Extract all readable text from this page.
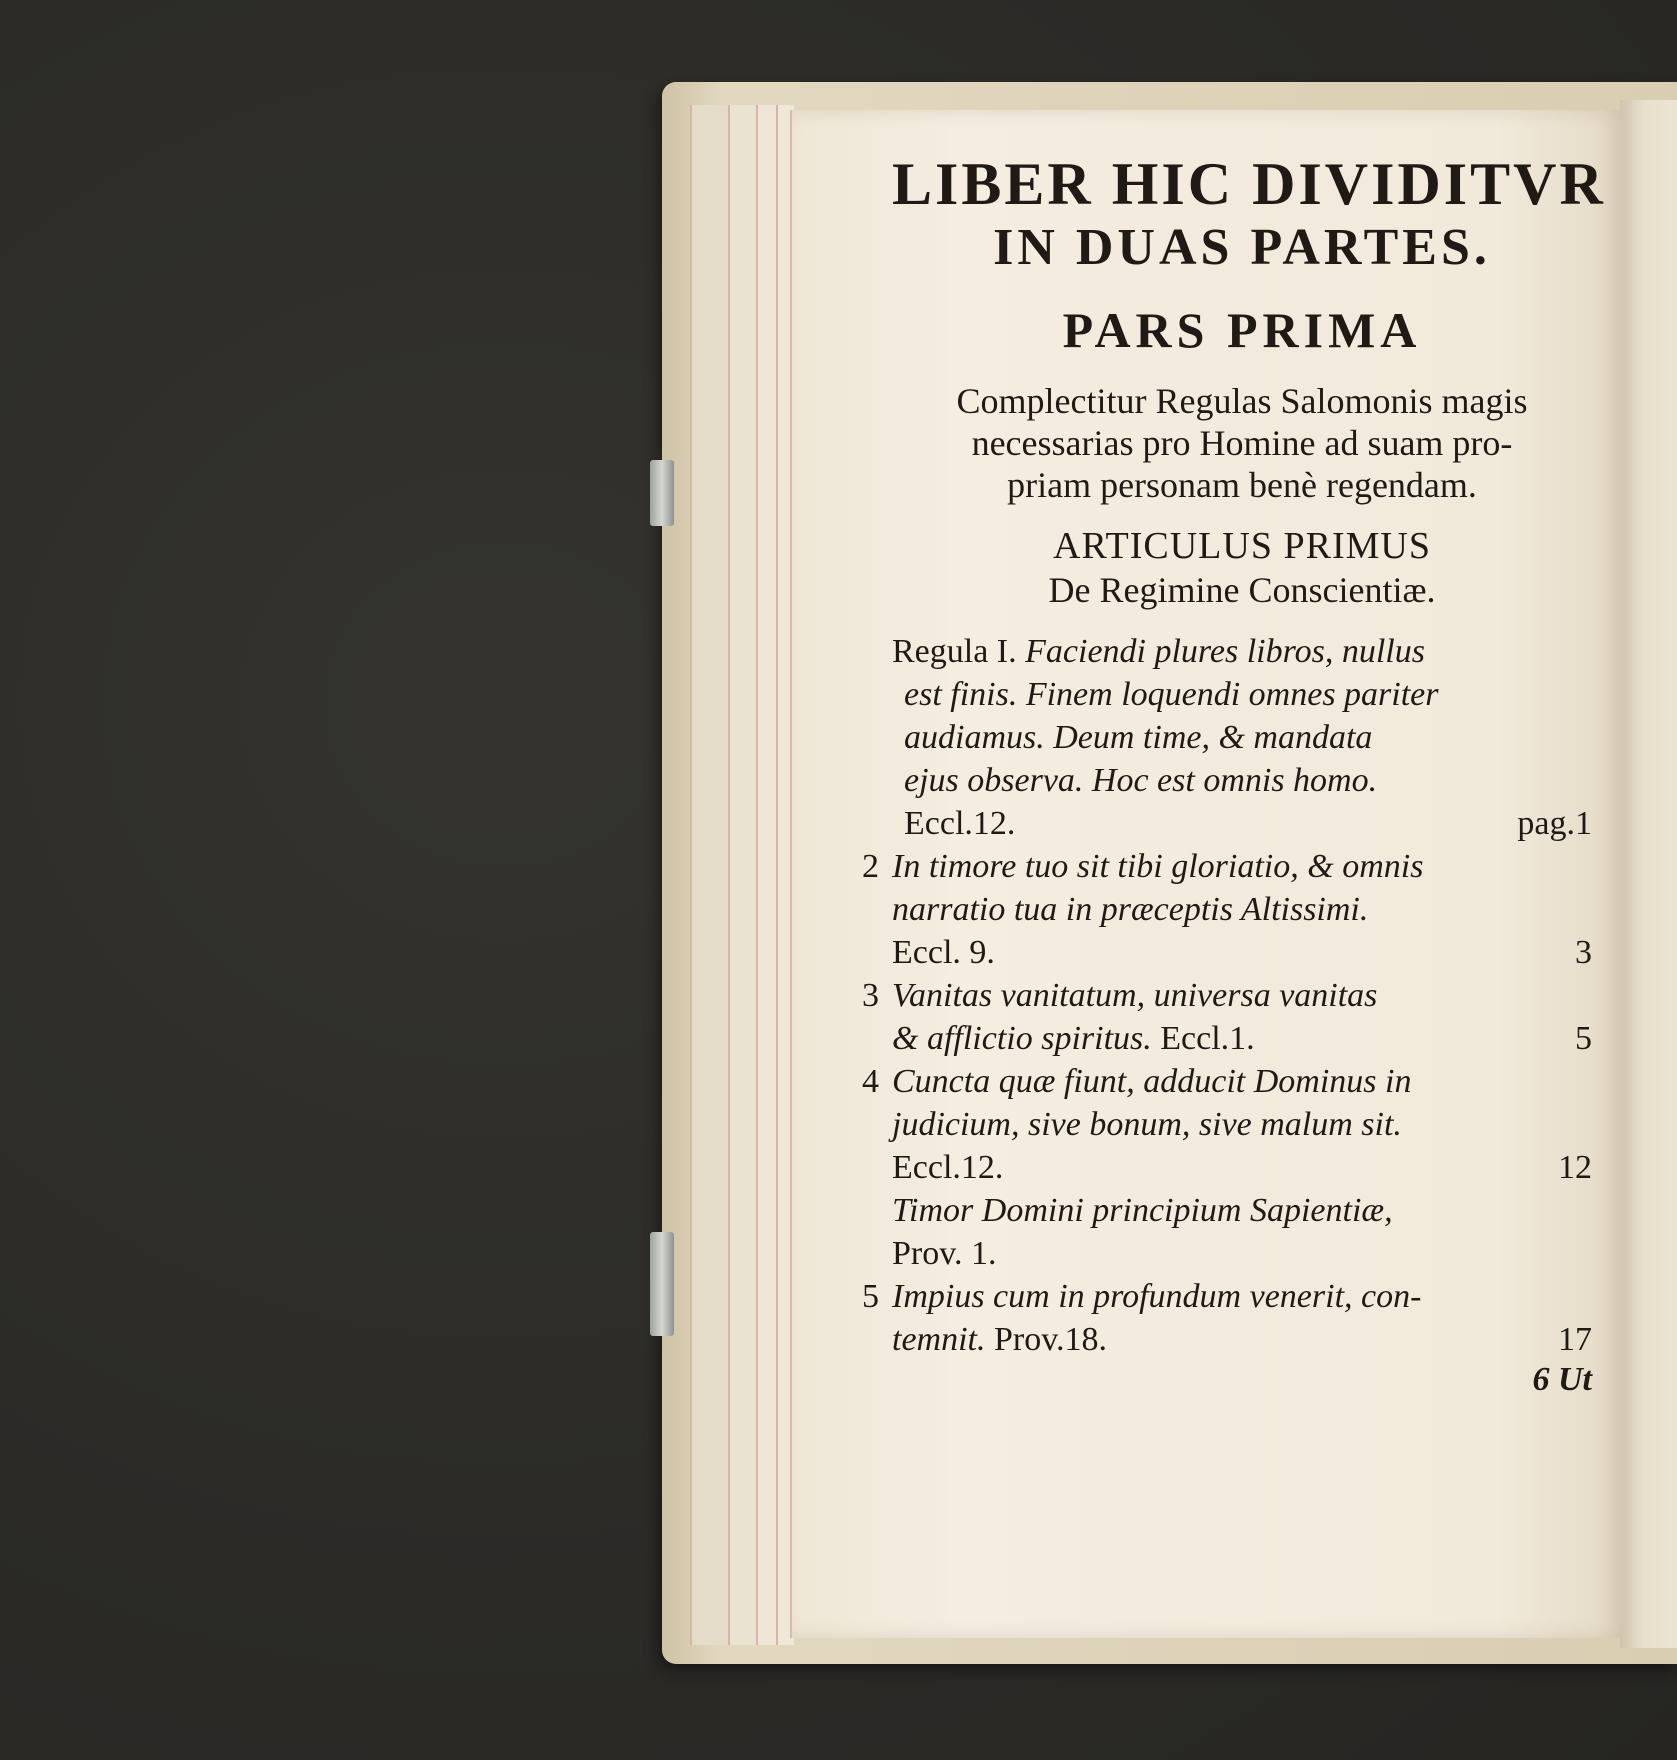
LIBER HIC DIVIDITVR
IN DUAS PARTES.
PARS PRIMA
Complectitur Regulas Salomonis magis
necessarias pro Homine ad suam pro-
priam personam benè regendam.
ARTICULUS PRIMUS
De Regimine Conscientiæ.
Regula I. Faciendi plures libros, nullus
est finis. Finem loquendi omnes pariter
audiamus. Deum time, & mandata
ejus observa. Hoc est omnis homo.
Eccl.12.	pag.1
2 In timore tuo sit tibi gloriatio, & omnis
narratio tua in præceptis Altissimi.
Eccl. 9.	3
3 Vanitas vanitatum, universa vanitas
& afflictio spiritus. Eccl.1.	5
4 Cuncta quæ fiunt, adducit Dominus in
judicium, sive bonum, sive malum sit.
Eccl.12.	12
Timor Domini principium Sapientiæ,
Prov. 1.
5 Impius cum in profundum venerit, con-
temnit. Prov.18.	17
6 Ut
